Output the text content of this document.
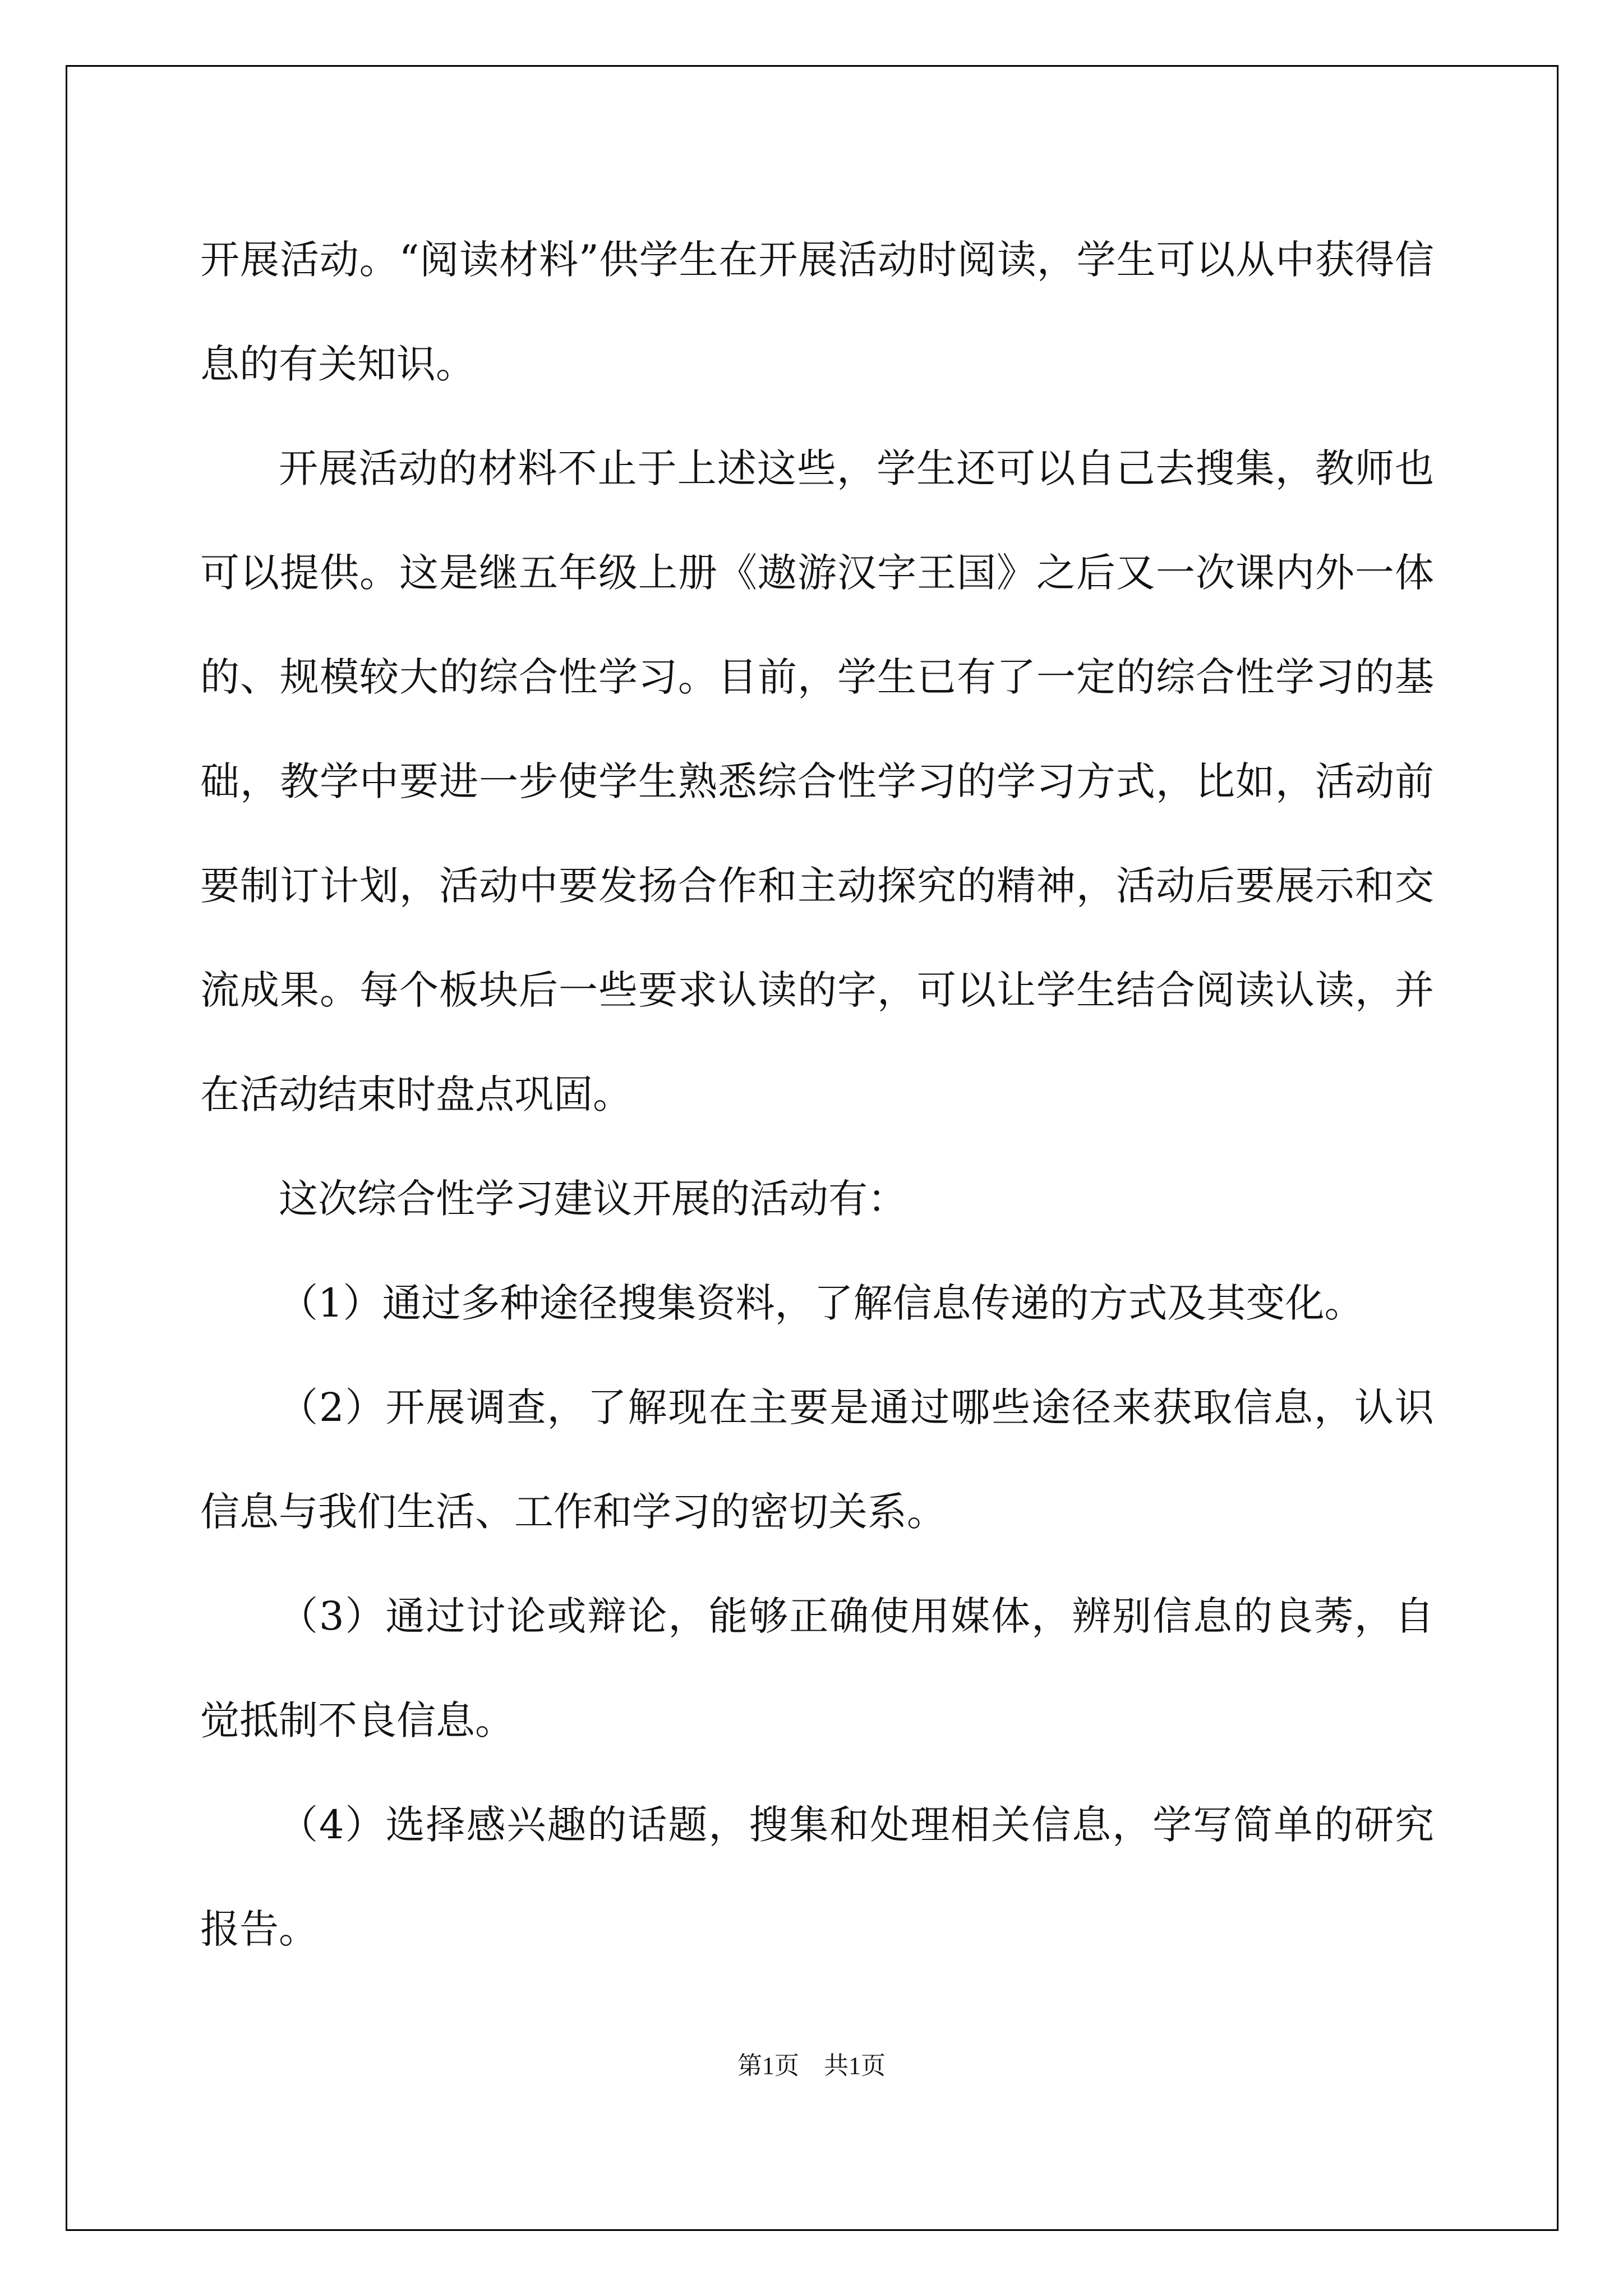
开展活动。“阅读材料”供学生在开展活动时阅读，学生可以从中获得信息的有关知识。

开展活动的材料不止于上述这些，学生还可以自己去搜集，教师也可以提供。这是继五年级上册《遨游汉字王国》之后又一次课内外一体的、规模较大的综合性学习。目前，学生已有了一定的综合性学习的基础，教学中要进一步使学生熟悉综合性学习的学习方式，比如，活动前要制订计划，活动中要发扬合作和主动探究的精神，活动后要展示和交流成果。每个板块后一些要求认读的字，可以让学生结合阅读认读，并在活动结束时盘点巩固。

这次综合性学习建议开展的活动有：

（1）通过多种途径搜集资料，了解信息传递的方式及其变化。

（2）开展调查，了解现在主要是通过哪些途径来获取信息，认识信息与我们生活、工作和学习的密切关系。

（3）通过讨论或辩论，能够正确使用媒体，辨别信息的良莠，自觉抵制不良信息。

（4）选择感兴趣的话题，搜集和处理相关信息，学写简单的研究报告。

第1页　共1页
